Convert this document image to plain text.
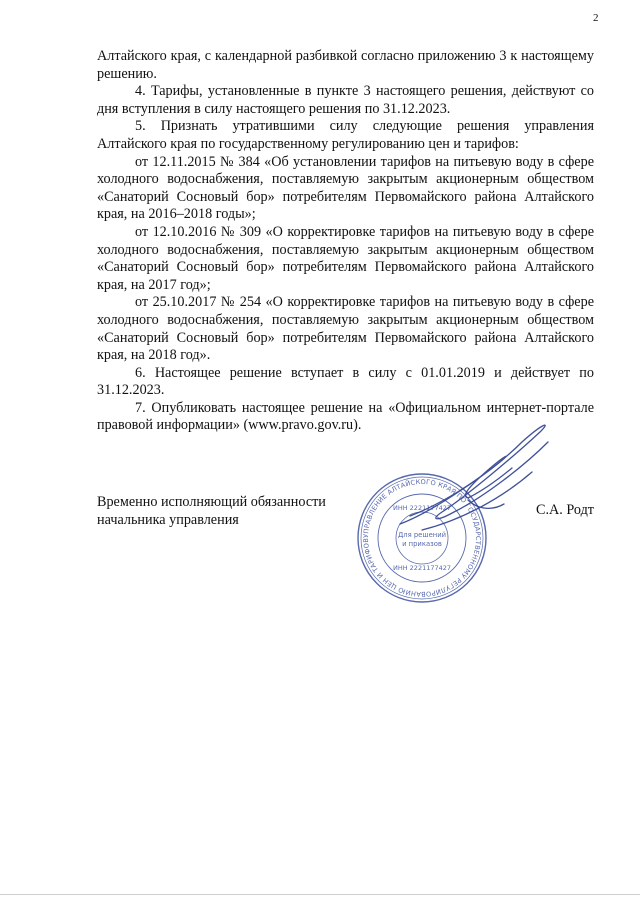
2

Алтайского края, с календарной разбивкой согласно приложению 3 к настоящему решению.

4. Тарифы, установленные в пункте 3 настоящего решения, действуют со дня вступления в силу настоящего решения по 31.12.2023.

5. Признать утратившими силу следующие решения управления Алтайского края по государственному регулированию цен и тарифов:

от 12.11.2015 № 384 «Об установлении тарифов на питьевую воду в сфере холодного водоснабжения, поставляемую закрытым акционерным обществом «Санаторий Сосновый бор» потребителям Первомайского района Алтайского края, на 2016–2018 годы»;

от 12.10.2016 № 309 «О корректировке тарифов на питьевую воду в сфере холодного водоснабжения, поставляемую закрытым акционерным обществом «Санаторий Сосновый бор» потребителям Первомайского района Алтайского края, на 2017 год»;

от 25.10.2017 № 254 «О корректировке тарифов на питьевую воду в сфере холодного водоснабжения, поставляемую закрытым акционерным обществом «Санаторий Сосновый бор» потребителям Первомайского района Алтайского края, на 2018 год».

6. Настоящее решение вступает в силу с 01.01.2019 и действует по 31.12.2023.

7. Опубликовать настоящее решение на «Официальном интернет-портале правовой информации» (www.pravo.gov.ru).

Временно исполняющий обязанности
начальника управления
С.А. Родт
УПРАВЛЕНИЕ АЛТАЙСКОГО КРАЯ ПО ГОСУДАРСТВЕННОМУ РЕГУЛИРОВАНИЮ ЦЕН И ТАРИФОВ
ИНН 2221177427
ИНН 2221177427
Для решений
и приказов
